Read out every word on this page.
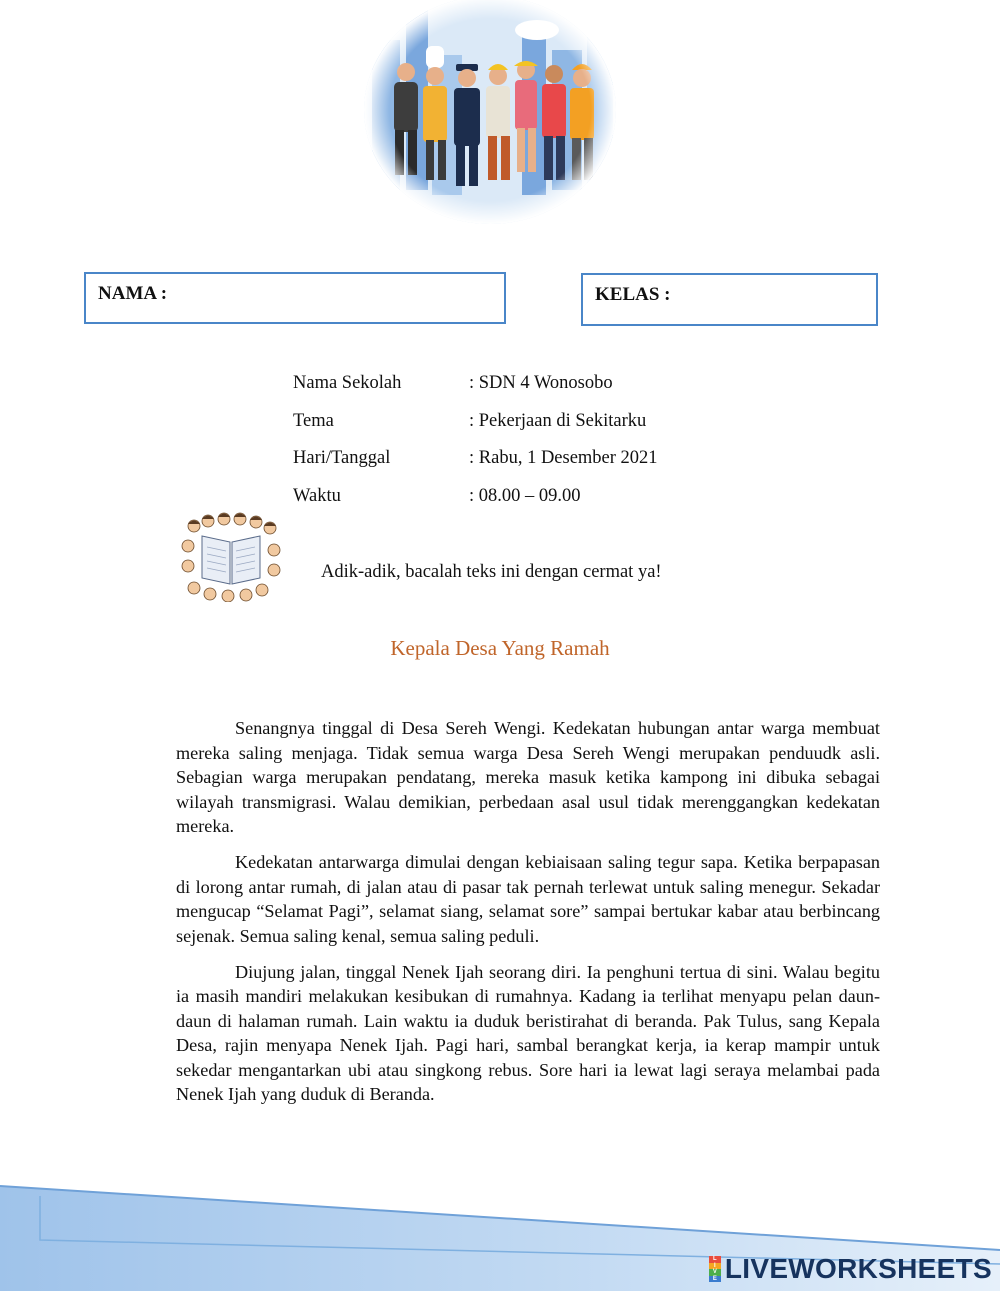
NAMA :	KELAS :
Nama Sekolah	: SDN 4 Wonosobo
Tema	: Pekerjaan di Sekitarku
Hari/Tanggal	: Rabu, 1 Desember 2021
Waktu	: 08.00 – 09.00
Adik-adik, bacalah teks ini dengan cermat ya!
Kepala Desa Yang Ramah

Senangnya tinggal di Desa Sereh Wengi. Kedekatan hubungan antar warga membuat mereka saling menjaga. Tidak semua warga Desa Sereh Wengi merupakan penduudk asli. Sebagian warga merupakan pendatang, mereka masuk ketika kampong ini dibuka sebagai wilayah transmigrasi. Walau demikian, perbedaan asal usul tidak merenggangkan kedekatan mereka.

Kedekatan antarwarga dimulai dengan kebiaisaan saling tegur sapa. Ketika berpapasan di lorong antar rumah, di jalan atau di pasar tak pernah terlewat untuk saling menegur. Sekadar mengucap “Selamat Pagi”, selamat siang, selamat sore” sampai bertukar kabar atau berbincang sejenak. Semua saling kenal, semua saling peduli.

Diujung jalan, tinggal Nenek Ijah seorang diri. Ia penghuni tertua di sini. Walau begitu ia masih mandiri melakukan kesibukan di rumahnya. Kadang ia terlihat menyapu pelan daun-daun di halaman rumah. Lain waktu ia duduk beristirahat di beranda. Pak Tulus, sang Kepala Desa, rajin menyapa Nenek Ijah. Pagi hari, sambal berangkat kerja, ia kerap mampir untuk sekedar mengantarkan ubi atau singkong rebus. Sore hari ia lewat lagi seraya melambai pada Nenek Ijah yang duduk di Beranda.

L
I
V
E LIVEWORKSHEETS
